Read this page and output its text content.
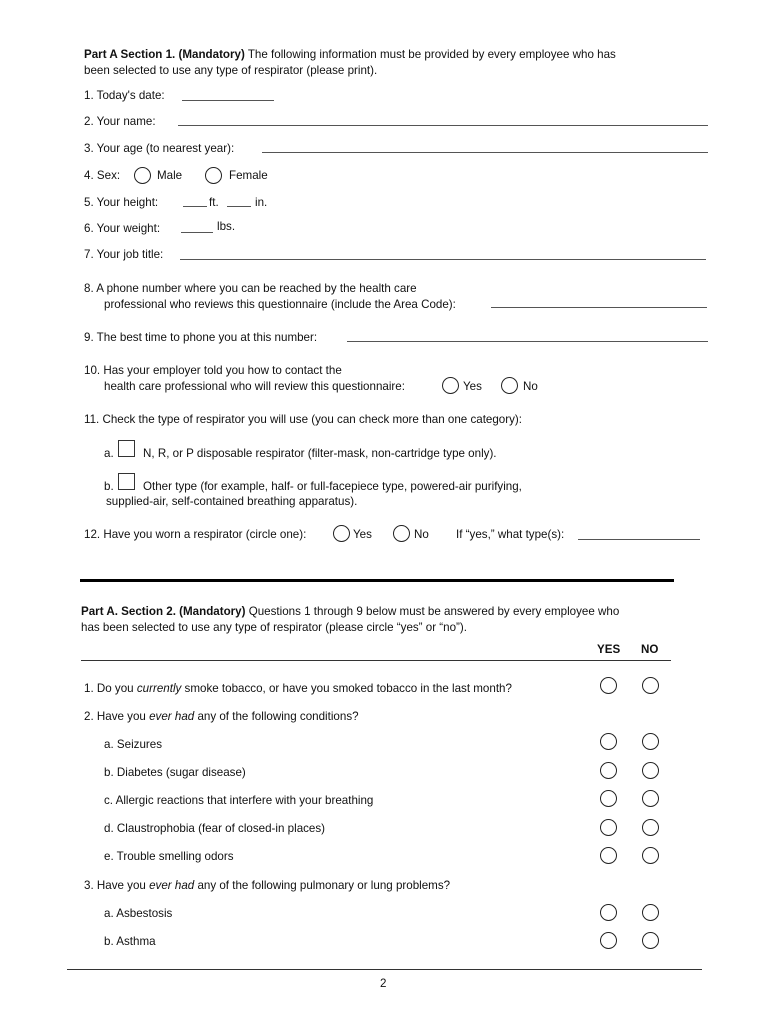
Part A Section 1. (Mandatory) The following information must be provided by every employee who has
been selected to use any type of respirator (please print).
1. Today's date:
2. Your name:
3. Your age (to nearest year):
4. Sex:	Male	Female
5. Your height:	ft.	in.
6. Your weight:	lbs.
7. Your job title:
8. A phone number where you can be reached by the health care
professional who reviews this questionnaire (include the Area Code):
9. The best time to phone you at this number:
10. Has your employer told you how to contact the
health care professional who will review this questionnaire:	Yes	No
11. Check the type of respirator you will use (you can check more than one category):
a.	N, R, or P disposable respirator (filter-mask, non-cartridge type only).
b.	Other type (for example, half- or full-facepiece type, powered-air purifying,
supplied-air, self-contained breathing apparatus).
12. Have you worn a respirator (circle one):	Yes	No If “yes,” what type(s):
Part A. Section 2. (Mandatory) Questions 1 through 9 below must be answered by every employee who
has been selected to use any type of respirator (please circle “yes” or “no”).
YES NO
1. Do you currently smoke tobacco, or have you smoked tobacco in the last month?
2. Have you ever had any of the following conditions?
a. Seizures
b. Diabetes (sugar disease)
c. Allergic reactions that interfere with your breathing
d. Claustrophobia (fear of closed-in places)
e. Trouble smelling odors
3. Have you ever had any of the following pulmonary or lung problems?
a. Asbestosis
b. Asthma
2
